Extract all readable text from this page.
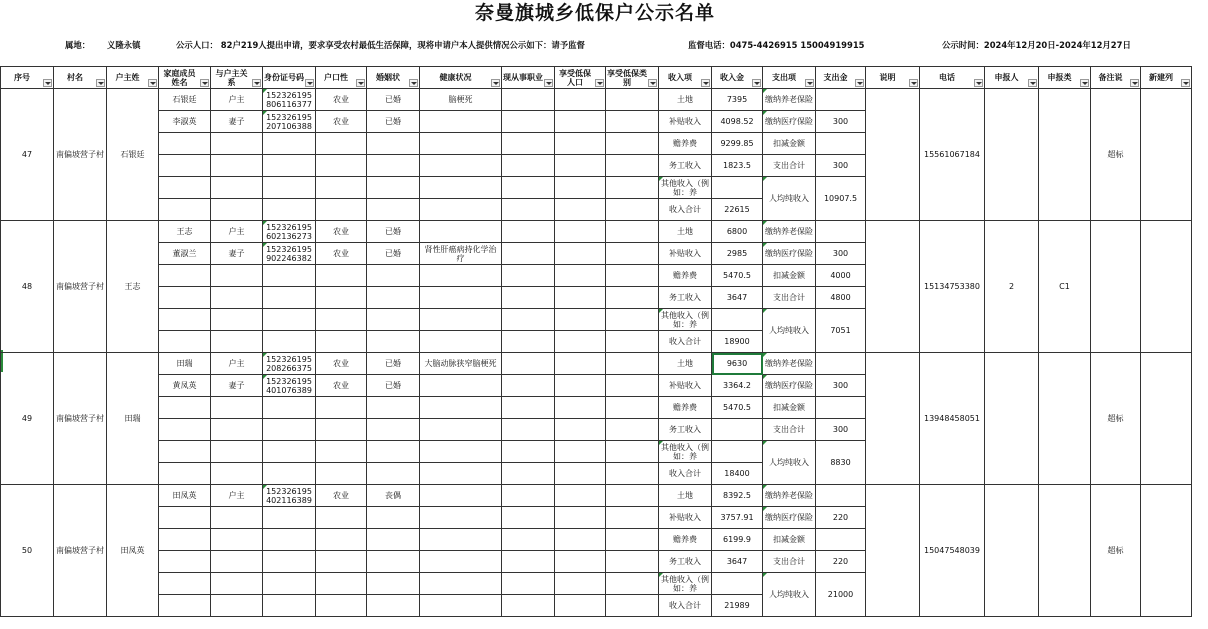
奈曼旗城乡低保户公示名单
属地： 义隆永镇	公示人口： 82户219人提出申请，要求享受农村最低生活保障，现将申请户本人提供情况公示如下：请予监督	监督电话：0475-4426915 15004919915	公示时间：2024年12月20日-2024年12月27日
序号	村名	户主姓	家庭成员姓名	与户主关系	身份证号码	户口性	婚姻状	健康状况	现从事职业	享受低保人口	享受低保类别	收入项	收入金	支出项	支出金	说明	电话	申报人	申报类	备注说	新建列

47	南偏坡营子村	石银廷	石银廷	户主	152326195806116377	农业	已婚	脑梗死				土地	7395	缴纳养老保险			15561067184			超标	
			李淑英	妻子	152326195207106388	农业	已婚					补贴收入	4098.52	缴纳医疗保险	300						
												赡养费	9299.85	扣减金额							
												务工收入	1823.5	支出合计	300						
												其他收入（例如：养		人均纯收入	10907.5						
												收入合计	22615								
48	南偏坡营子村	王志	王志	户主	152326195602136273	农业	已婚					土地	6800	缴纳养老保险			15134753380	2	C1		
			董淑兰	妻子	152326195902246382	农业	已婚	肾性肝癌病持化学治疗				补贴收入	2985	缴纳医疗保险	300						
												赡养费	5470.5	扣减金额	4000						
												务工收入	3647	支出合计	4800						
												其他收入（例如：养		人均纯收入	7051						
												收入合计	18900								
49	南偏坡营子村	田瑞	田瑞	户主	152326195208266375	农业	已婚	大脑动脉狭窄脑梗死				土地	9630	缴纳养老保险			13948458051			超标	
			黄凤英	妻子	152326195401076389	农业	已婚					补贴收入	3364.2	缴纳医疗保险	300						
												赡养费	5470.5	扣减金额							
												务工收入		支出合计	300						
												其他收入（例如：养		人均纯收入	8830						
												收入合计	18400								
50	南偏坡营子村	田凤英	田凤英	户主	152326195402116389	农业	丧偶					土地	8392.5	缴纳养老保险			15047548039			超标	
												补贴收入	3757.91	缴纳医疗保险	220						
												赡养费	6199.9	扣减金额							
												务工收入	3647	支出合计	220						
												其他收入（例如：养		人均纯收入	21000						
												收入合计	21989								
